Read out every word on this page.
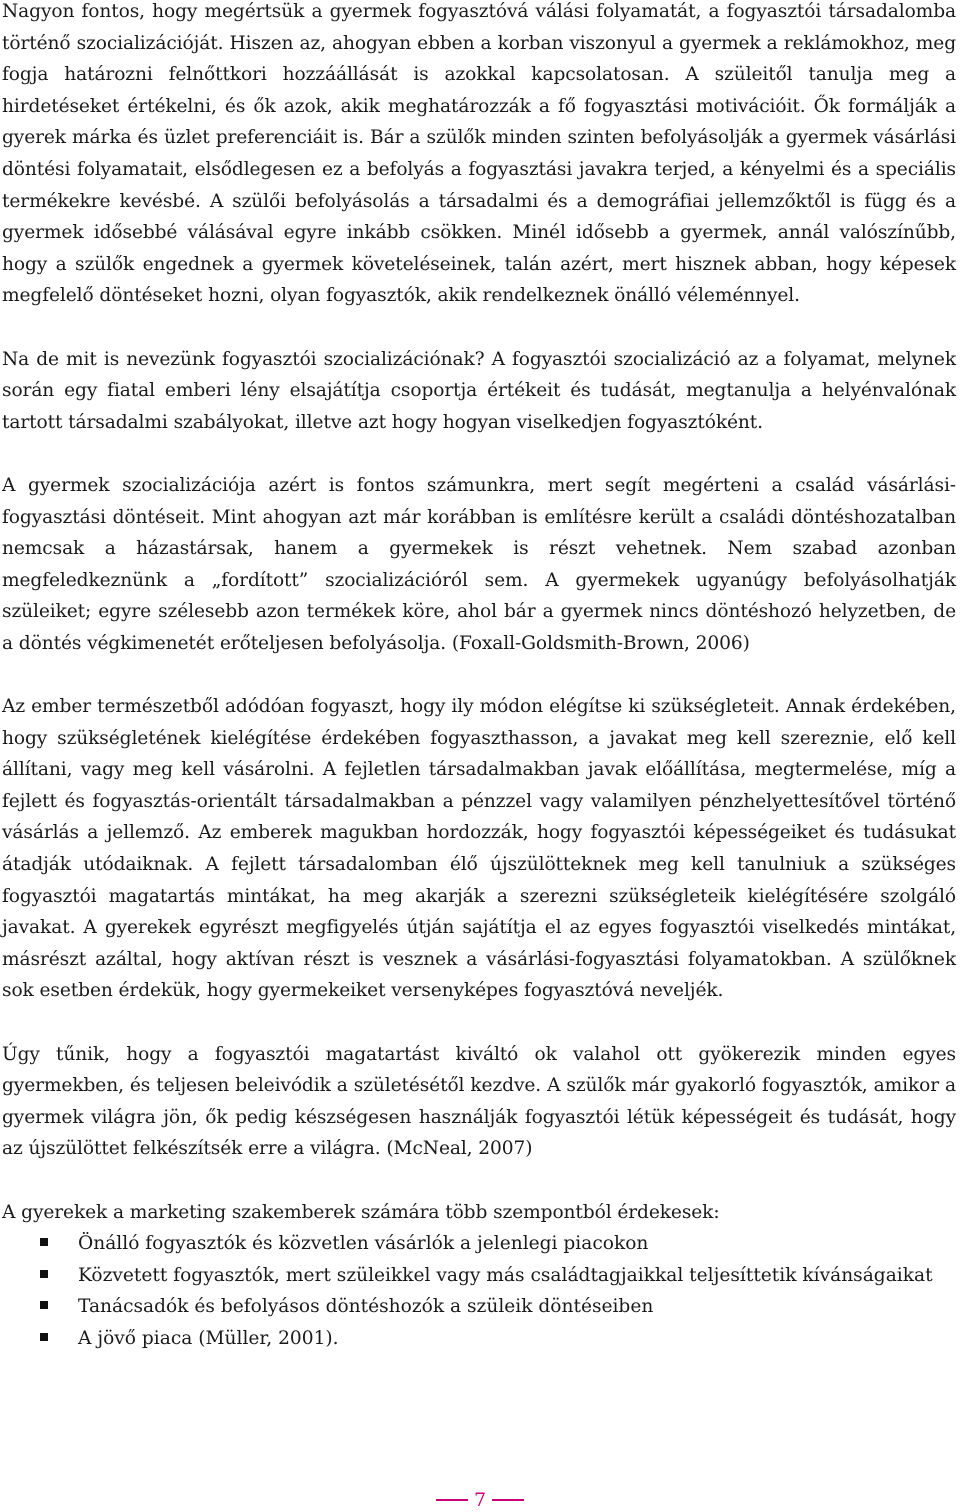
Nagyon fontos, hogy megértsük a gyermek fogyasztóvá válási folyamatát, a fogyasztói társadalomba történő szocializációját. Hiszen az, ahogyan ebben a korban viszonyul a gyermek a reklámokhoz, meg fogja határozni felnőttkori hozzáállását is azokkal kapcsolatosan. A szüleitől tanulja meg a hirdetéseket értékelni, és ők azok, akik meghatározzák a fő fogyasztási motivációit. Ők formálják a gyerek márka és üzlet preferenciáit is. Bár a szülők minden szinten befolyásolják a gyermek vásárlási döntési folyamatait, elsődlegesen ez a befolyás a fogyasztási javakra terjed, a kényelmi és a speciális termékekre kevésbé. A szülői befolyásolás a társadalmi és a demográfiai jellemzőktől is függ és a gyermek idősebbé válásával egyre inkább csökken. Minél idősebb a gyermek, annál valószínűbb, hogy a szülők engednek a gyermek követeléseinek, talán azért, mert hisznek abban, hogy képesek megfelelő döntéseket hozni, olyan fogyasztók, akik rendelkeznek önálló véleménnyel.

Na de mit is nevezünk fogyasztói szocializációnak? A fogyasztói szocializáció az a folyamat, melynek során egy fiatal emberi lény elsajátítja csoportja értékeit és tudását, megtanulja a helyénvalónak tartott társadalmi szabályokat, illetve azt hogy hogyan viselkedjen fogyasztóként.

A gyermek szocializációja azért is fontos számunkra, mert segít megérteni a család vásárlási-fogyasztási döntéseit. Mint ahogyan azt már korábban is említésre került a családi döntéshozatalban nemcsak a házastársak, hanem a gyermekek is részt vehetnek. Nem szabad azonban megfeledkeznünk a „fordított” szocializációról sem. A gyermekek ugyanúgy befolyásolhatják szüleiket; egyre szélesebb azon termékek köre, ahol bár a gyermek nincs döntéshozó helyzetben, de a döntés végkimenetét erőteljesen befolyásolja. (Foxall-Goldsmith-Brown, 2006)

Az ember természetből adódóan fogyaszt, hogy ily módon elégítse ki szükségleteit. Annak érdekében, hogy szükségletének kielégítése érdekében fogyaszthasson, a javakat meg kell szereznie, elő kell állítani, vagy meg kell vásárolni. A fejletlen társadalmakban javak előállítása, megtermelése, míg a fejlett és fogyasztás-orientált társadalmakban a pénzzel vagy valamilyen pénzhelyettesítővel történő vásárlás a jellemző. Az emberek magukban hordozzák, hogy fogyasztói képességeiket és tudásukat átadják utódaiknak. A fejlett társadalomban élő újszülötteknek meg kell tanulniuk a szükséges fogyasztói magatartás mintákat, ha meg akarják a szerezni szükségleteik kielégítésére szolgáló javakat. A gyerekek egyrészt megfigyelés útján sajátítja el az egyes fogyasztói viselkedés mintákat, másrészt azáltal, hogy aktívan részt is vesznek a vásárlási-fogyasztási folyamatokban. A szülőknek sok esetben érdekük, hogy gyermekeiket versenyképes fogyasztóvá neveljék.

Úgy tűnik, hogy a fogyasztói magatartást kiváltó ok valahol ott gyökerezik minden egyes gyermekben, és teljesen beleivódik a születésétől kezdve. A szülők már gyakorló fogyasztók, amikor a gyermek világra jön, ők pedig készségesen használják fogyasztói létük képességeit és tudását, hogy az újszülöttet felkészítsék erre a világra. (McNeal, 2007)

A gyerekek a marketing szakemberek számára több szempontból érdekesek:

Önálló fogyasztók és közvetlen vásárlók a jelenlegi piacokon
Közvetett fogyasztók, mert szüleikkel vagy más családtagjaikkal teljesíttetik kívánságaikat
Tanácsadók és befolyásos döntéshozók a szüleik döntéseiben
A jövő piaca (Müller, 2001).
7
